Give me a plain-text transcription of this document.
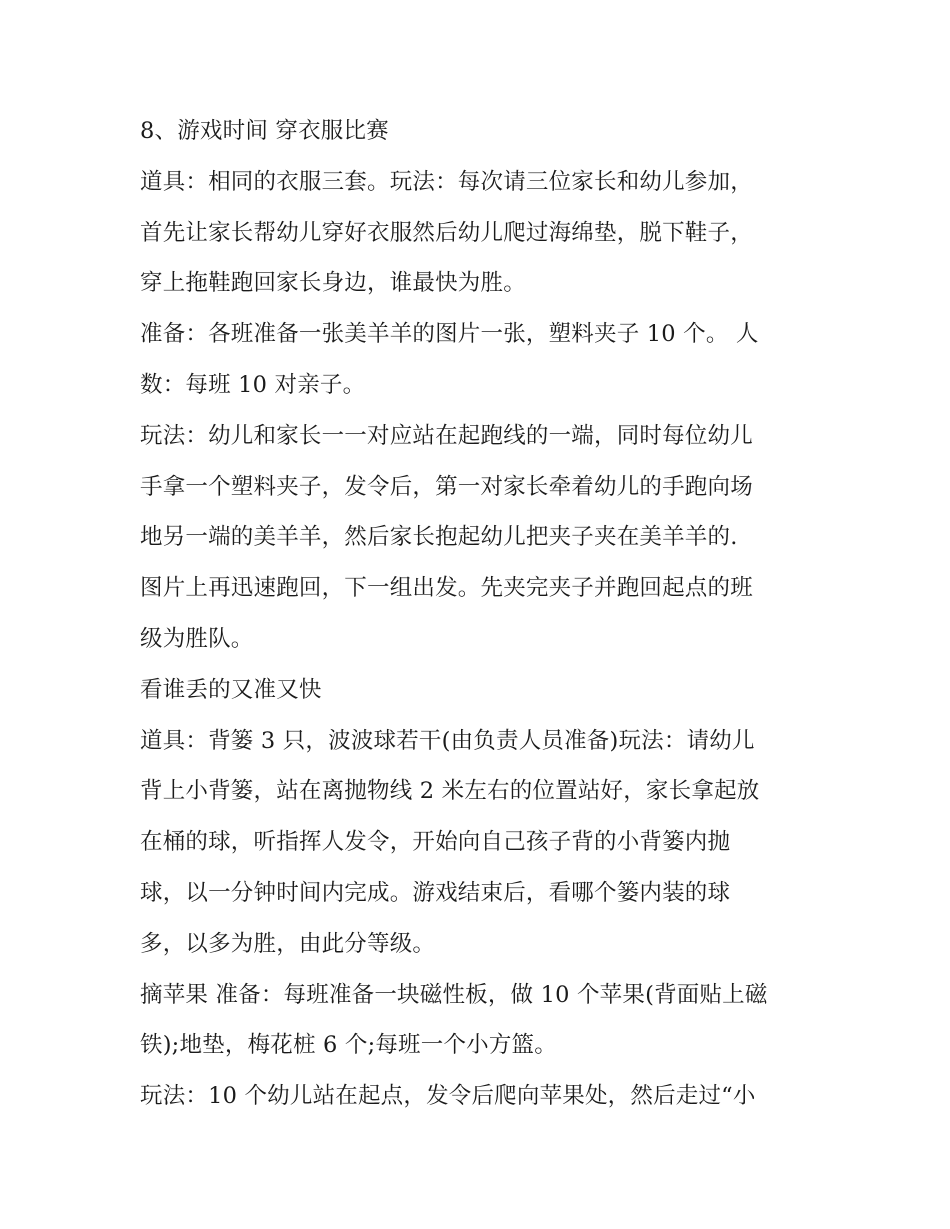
8、游戏时间 穿衣服比赛
道具：相同的衣服三套。玩法：每次请三位家长和幼儿参加，
首先让家长帮幼儿穿好衣服然后幼儿爬过海绵垫，脱下鞋子，
穿上拖鞋跑回家长身边，谁最快为胜。
准备：各班准备一张美羊羊的图片一张，塑料夹子 10 个。 人
数：每班 10 对亲子。
玩法：幼儿和家长一一对应站在起跑线的一端，同时每位幼儿
手拿一个塑料夹子，发令后，第一对家长牵着幼儿的手跑向场
地另一端的美羊羊，然后家长抱起幼儿把夹子夹在美羊羊的.
图片上再迅速跑回，下一组出发。先夹完夹子并跑回起点的班
级为胜队。
看谁丢的又准又快
道具：背篓 3 只，波波球若干(由负责人员准备)玩法：请幼儿
背上小背篓，站在离抛物线 2 米左右的位置站好，家长拿起放
在桶的球，听指挥人发令，开始向自己孩子背的小背篓内抛
球，以一分钟时间内完成。游戏结束后，看哪个篓内装的球
多，以多为胜，由此分等级。
摘苹果 准备：每班准备一块磁性板，做 10 个苹果(背面贴上磁
铁);地垫，梅花桩 6 个;每班一个小方篮。
玩法：10 个幼儿站在起点，发令后爬向苹果处，然后走过“小
